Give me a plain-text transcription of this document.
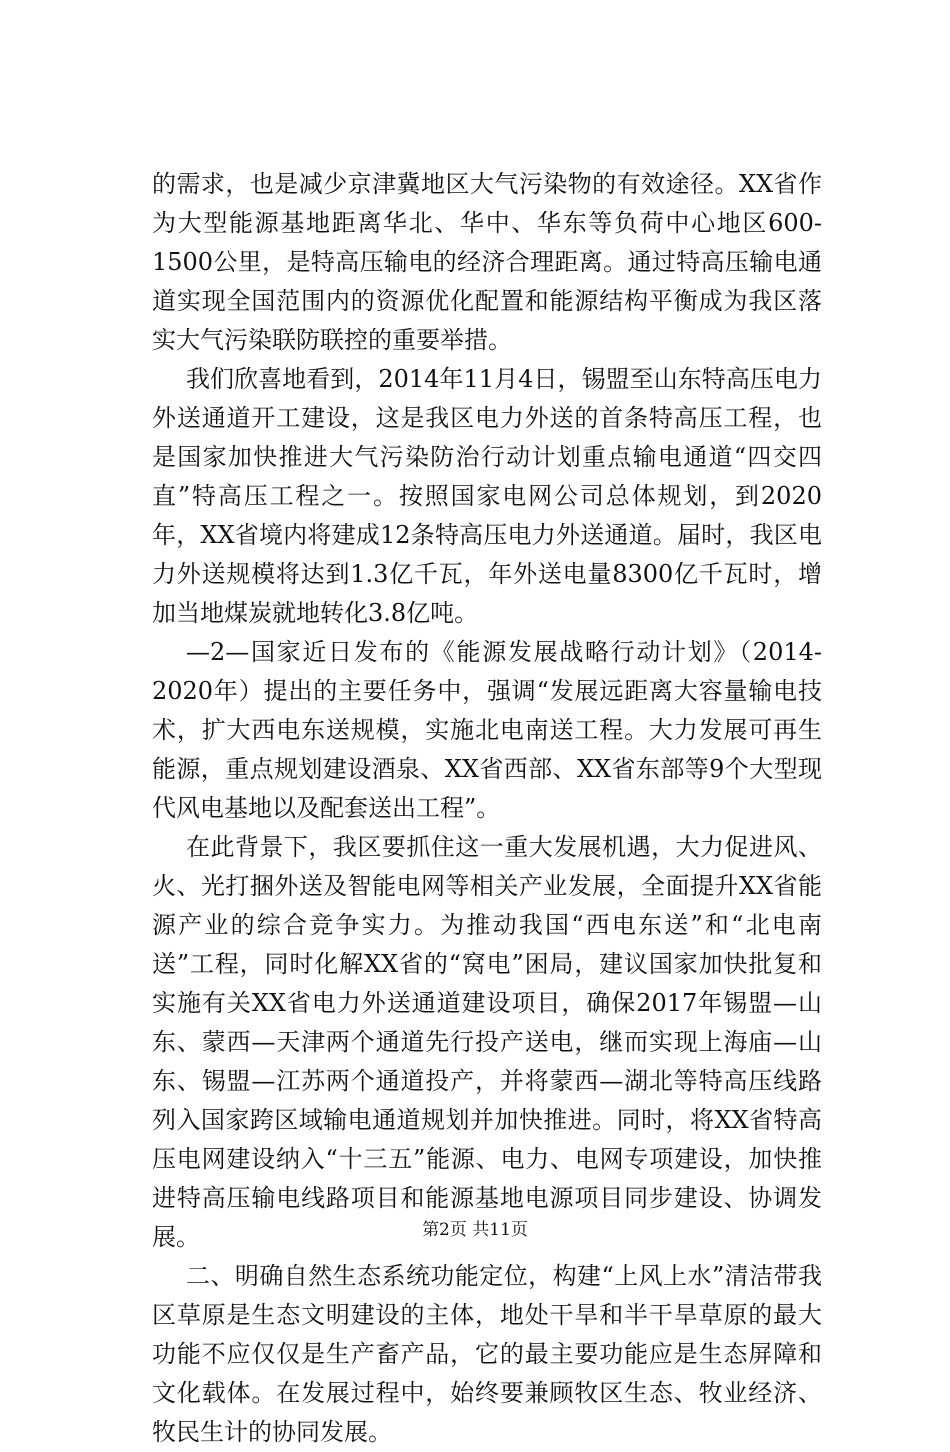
的需求，也是减少京津冀地区大气污染物的有效途径。XX省作为大型能源基地距离华北、华中、华东等负荷中心地区600-1500公里，是特高压输电的经济合理距离。通过特高压输电通道实现全国范围内的资源优化配置和能源结构平衡成为我区落实大气污染联防联控的重要举措。

我们欣喜地看到，2014年11月4日，锡盟至山东特高压电力外送通道开工建设，这是我区电力外送的首条特高压工程，也是国家加快推进大气污染防治行动计划重点输电通道“四交四直”特高压工程之一。按照国家电网公司总体规划，到2020年，XX省境内将建成12条特高压电力外送通道。届时，我区电力外送规模将达到1.3亿千瓦，年外送电量8300亿千瓦时，增加当地煤炭就地转化3.8亿吨。

—2—国家近日发布的《能源发展战略行动计划》（2014-2020年）提出的主要任务中，强调“发展远距离大容量输电技术，扩大西电东送规模，实施北电南送工程。大力发展可再生能源，重点规划建设酒泉、XX省西部、XX省东部等9个大型现代风电基地以及配套送出工程”。

在此背景下，我区要抓住这一重大发展机遇，大力促进风、火、光打捆外送及智能电网等相关产业发展，全面提升XX省能源产业的综合竞争实力。为推动我国“西电东送”和“北电南送”工程，同时化解XX省的“窝电”困局，建议国家加快批复和实施有关XX省电力外送通道建设项目，确保2017年锡盟—山东、蒙西—天津两个通道先行投产送电，继而实现上海庙—山东、锡盟—江苏两个通道投产，并将蒙西—湖北等特高压线路列入国家跨区域输电通道规划并加快推进。同时，将XX省特高压电网建设纳入“十三五”能源、电力、电网专项建设，加快推进特高压输电线路项目和能源基地电源项目同步建设、协调发展。

二、明确自然生态系统功能定位，构建“上风上水”清洁带我区草原是生态文明建设的主体，地处干旱和半干旱草原的最大功能不应仅仅是生产畜产品，它的最主要功能应是生态屏障和文化载体。在发展过程中，始终要兼顾牧区生态、牧业经济、牧民生计的协同发展。

第2页 共11页
